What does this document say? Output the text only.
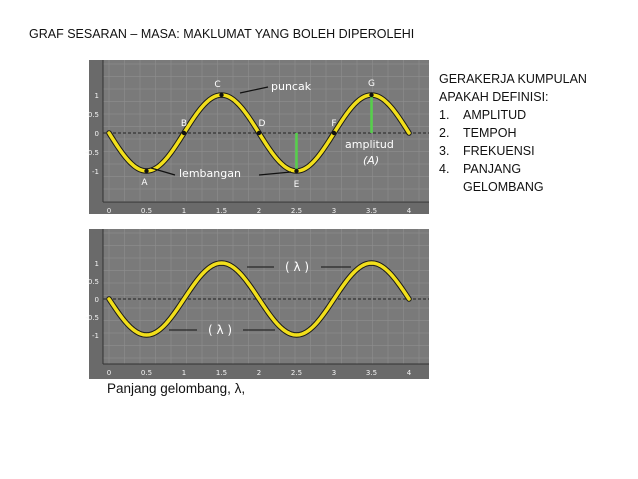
GRAF SESARAN – MASA: MAKLUMAT YANG BOLEH DIPEROLEHI
GERAKERJA KUMPULAN
APAKAH DEFINISI:
1.	AMPLITUD
2.	TEMPOH
3.	FREKUENSI
4.	PANJANG GELOMBANG
1
0.5
0
-0.5
-1
0	0.5	1	1.5	2	2.5	3	3.5	4
A
B
C
D
E
F
G
puncak
lembangan
amplitud
(A)
1
0.5
0
-0.5
-1
0	0.5	1	1.5	2	2.5	3	3.5	4
( λ )
( λ )
Panjang gelombang, λ,
